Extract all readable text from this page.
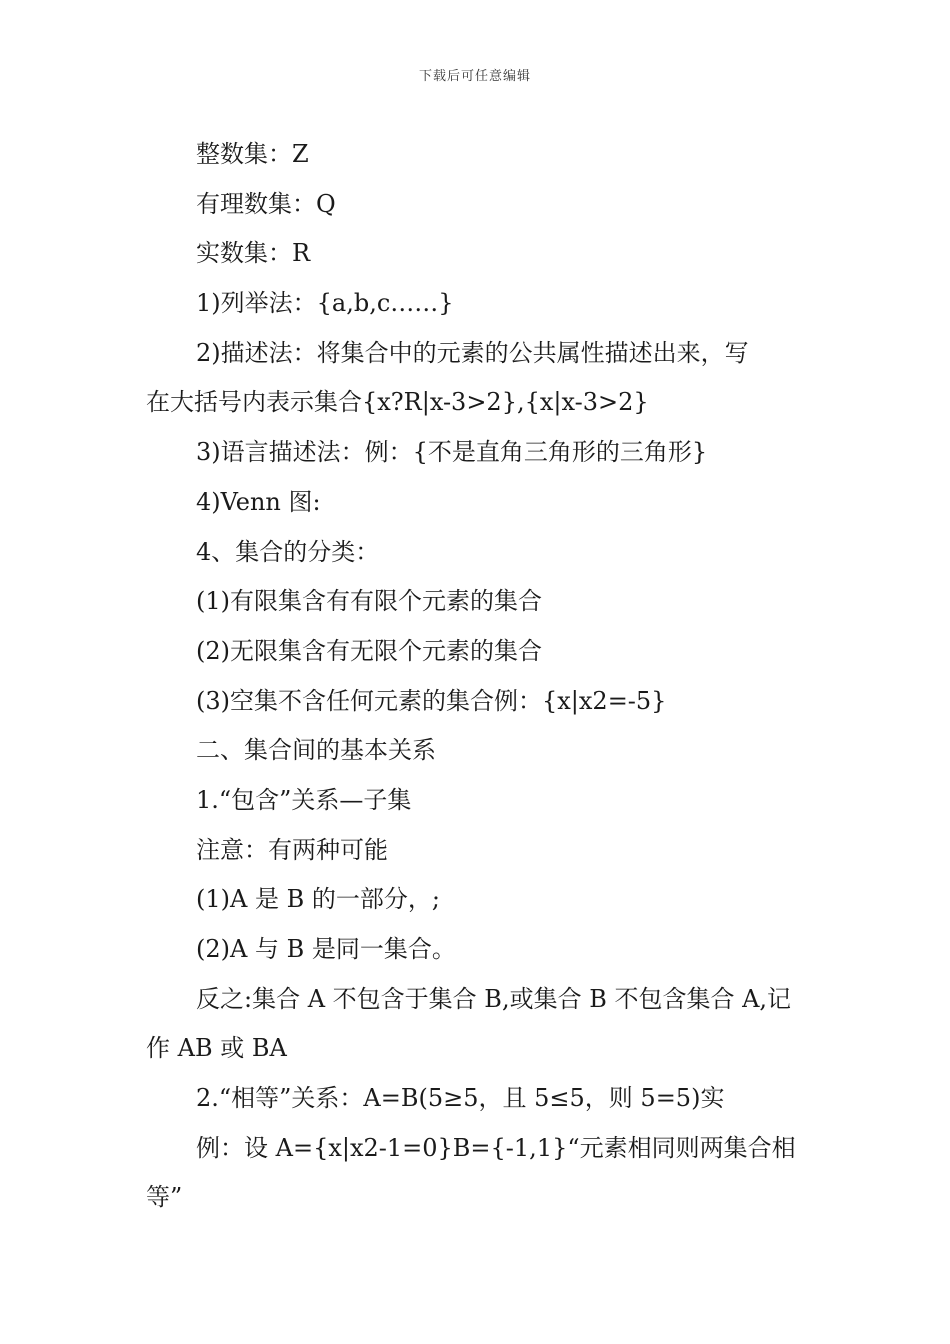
下载后可任意编辑

整数集：Z

有理数集：Q

实数集：R

1)列举法：{a,b,c……}

2)描述法：将集合中的元素的公共属性描述出来，写

在大括号内表示集合{x?R|x-3>2},{x|x-3>2}

3)语言描述法：例：{不是直角三角形的三角形}

4)Venn 图:

4、集合的分类：

(1)有限集含有有限个元素的集合

(2)无限集含有无限个元素的集合

(3)空集不含任何元素的集合例：{x|x2=-5}

二、集合间的基本关系

1.“包含”关系—子集

注意：有两种可能

(1)A 是 B 的一部分，;

(2)A 与 B 是同一集合。

反之:集合 A 不包含于集合 B,或集合 B 不包含集合 A,记

作 AB 或 BA

2.“相等”关系：A=B(5≥5，且 5≤5，则 5=5)实

例：设 A={x|x2-1=0}B={-1,1}“元素相同则两集合相

等”
